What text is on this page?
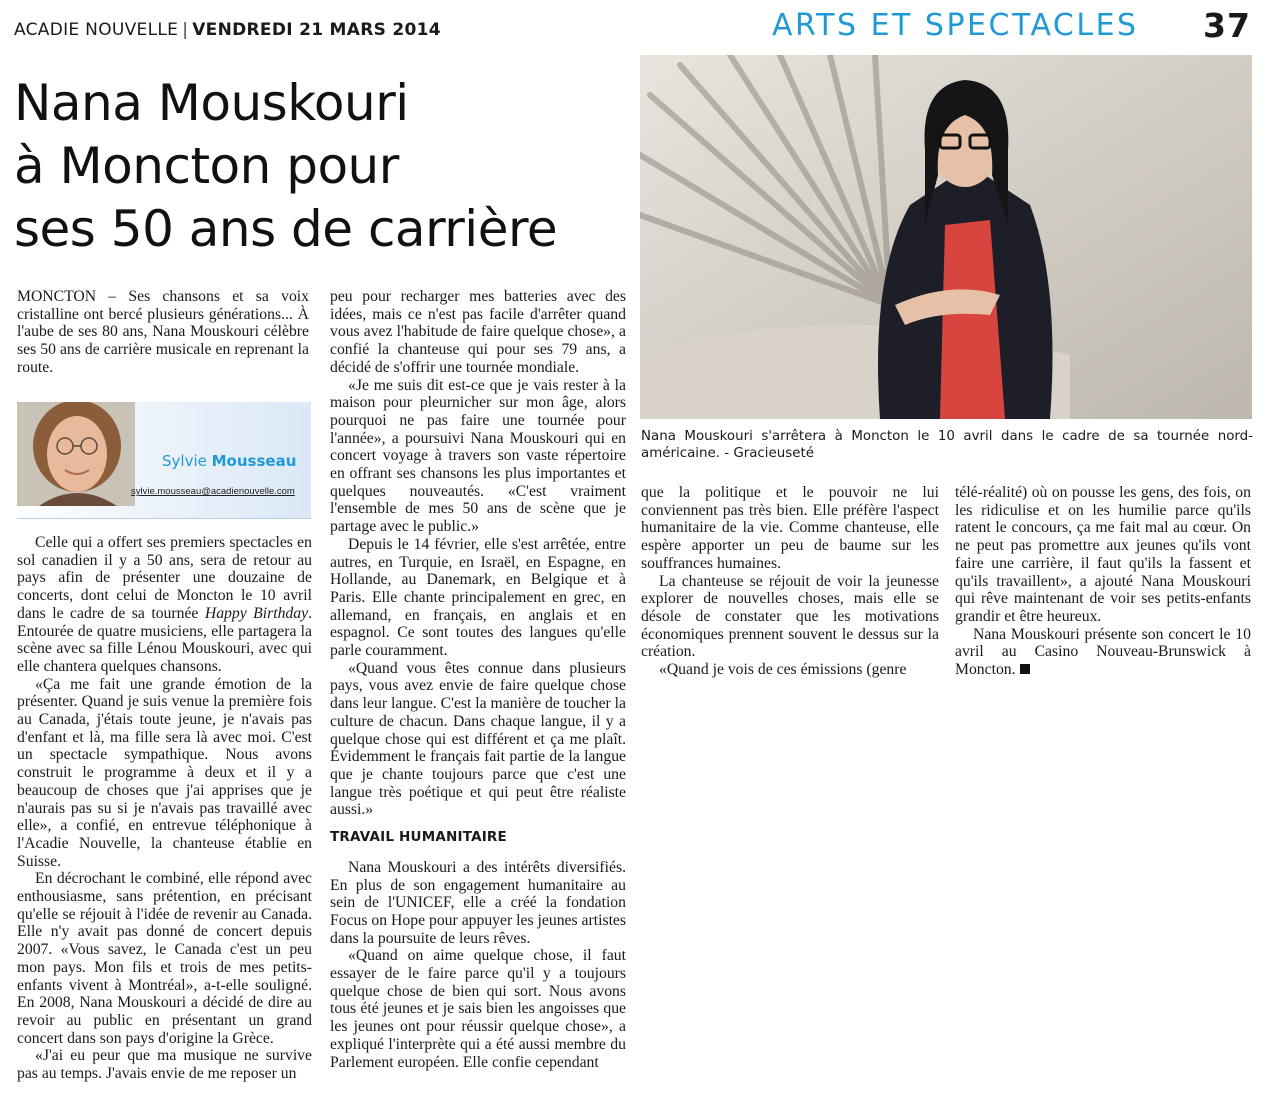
ACADIE NOUVELLE | VENDREDI 21 MARS 2014	ARTS ET SPECTACLES 37
Nana Mouskouri
à Moncton pour
ses 50 ans de carrière

MONCTON – Ses chansons et sa voix cristalline ont bercé plusieurs générations... À l'aube de ses 80 ans, Nana Mouskouri célèbre ses 50 ans de carrière musicale en reprenant la route.

Sylvie Mousseau
sylvie.mousseau@acadienouvelle.com

Celle qui a offert ses premiers spectacles en sol canadien il y a 50 ans, sera de retour au pays afin de présenter une douzaine de concerts, dont celui de Moncton le 10 avril dans le cadre de sa tournée Happy Birthday. Entourée de quatre musiciens, elle partagera la scène avec sa fille Lénou Mouskouri, avec qui elle chantera quelques chansons.

«Ça me fait une grande émotion de la présenter. Quand je suis venue la première fois au Canada, j'étais toute jeune, je n'avais pas d'enfant et là, ma fille sera là avec moi. C'est un spectacle sympathique. Nous avons construit le programme à deux et il y a beaucoup de choses que j'ai apprises que je n'aurais pas su si je n'avais pas travaillé avec elle», a confié, en entrevue téléphonique à l'Acadie Nouvelle, la chanteuse établie en Suisse.

En décrochant le combiné, elle répond avec enthousiasme, sans prétention, en précisant qu'elle se réjouit à l'idée de revenir au Canada. Elle n'y avait pas donné de concert depuis 2007. «Vous savez, le Canada c'est un peu mon pays. Mon fils et trois de mes petits-enfants vivent à Montréal», a-t-elle souligné. En 2008, Nana Mouskouri a décidé de dire au revoir au public en présentant un grand concert dans son pays d'origine la Grèce.

«J'ai eu peur que ma musique ne survive pas au temps. J'avais envie de me reposer un

peu pour recharger mes batteries avec des idées, mais ce n'est pas facile d'arrêter quand vous avez l'habitude de faire quelque chose», a confié la chanteuse qui pour ses 79 ans, a décidé de s'offrir une tournée mondiale.

«Je me suis dit est-ce que je vais rester à la maison pour pleurnicher sur mon âge, alors pourquoi ne pas faire une tournée pour l'année», a poursuivi Nana Mouskouri qui en concert voyage à travers son vaste répertoire en offrant ses chansons les plus importantes et quelques nouveautés. «C'est vraiment l'ensemble de mes 50 ans de scène que je partage avec le public.»

Depuis le 14 février, elle s'est arrêtée, entre autres, en Turquie, en Israël, en Espagne, en Hollande, au Danemark, en Belgique et à Paris. Elle chante principalement en grec, en allemand, en français, en anglais et en espagnol. Ce sont toutes des langues qu'elle parle couramment.

«Quand vous êtes connue dans plusieurs pays, vous avez envie de faire quelque chose dans leur langue. C'est la manière de toucher la culture de chacun. Dans chaque langue, il y a quelque chose qui est différent et ça me plaît. Évidemment le français fait partie de la langue que je chante toujours parce que c'est une langue très poétique et qui peut être réaliste aussi.»

TRAVAIL HUMANITAIRE

Nana Mouskouri a des intérêts diversifiés. En plus de son engagement humanitaire au sein de l'UNICEF, elle a créé la fondation Focus on Hope pour appuyer les jeunes artistes dans la poursuite de leurs rêves.

«Quand on aime quelque chose, il faut essayer de le faire parce qu'il y a toujours quelque chose de bien qui sort. Nous avons tous été jeunes et je sais bien les angoisses que les jeunes ont pour réussir quelque chose», a expliqué l'interprète qui a été aussi membre du Parlement européen. Elle confie cependant

Nana Mouskouri s'arrêtera à Moncton le 10 avril dans le cadre de sa tournée nord-américaine. - Gracieuseté

que la politique et le pouvoir ne lui conviennent pas très bien. Elle préfère l'aspect humanitaire de la vie. Comme chanteuse, elle espère apporter un peu de baume sur les souffrances humaines.

La chanteuse se réjouit de voir la jeunesse explorer de nouvelles choses, mais elle se désole de constater que les motivations économiques prennent souvent le dessus sur la création.

«Quand je vois de ces émissions (genre

télé-réalité) où on pousse les gens, des fois, on les ridiculise et on les humilie parce qu'ils ratent le concours, ça me fait mal au cœur. On ne peut pas promettre aux jeunes qu'ils vont faire une carrière, il faut qu'ils la fassent et qu'ils travaillent», a ajouté Nana Mouskouri qui rêve maintenant de voir ses petits-enfants grandir et être heureux.

Nana Mouskouri présente son concert le 10 avril au Casino Nouveau-Brunswick à Moncton.
